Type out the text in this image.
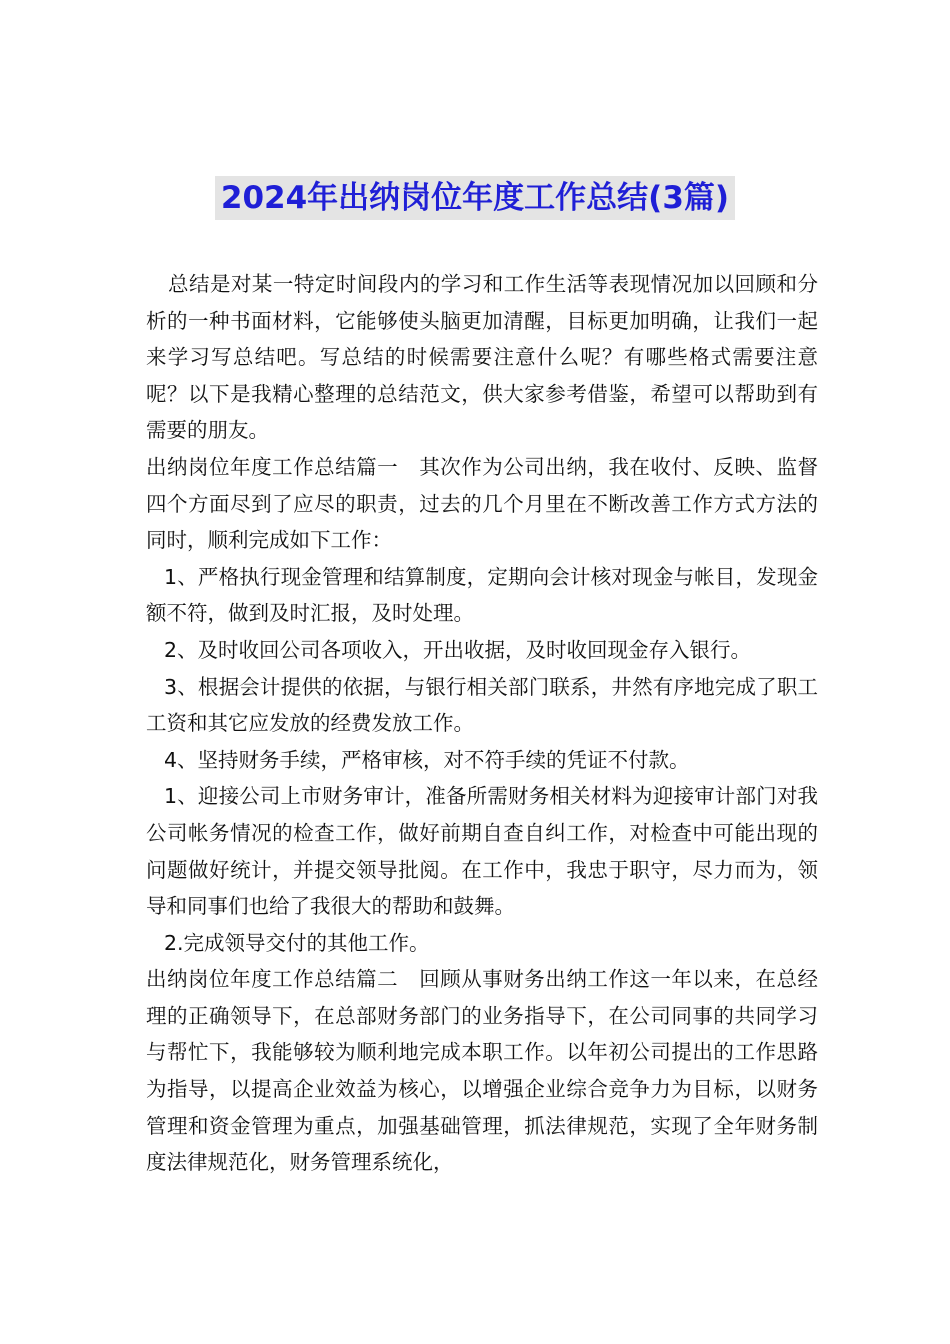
2024年出纳岗位年度工作总结(3篇)

总结是对某一特定时间段内的学习和工作生活等表现情况加以回顾和分析的一种书面材料，它能够使头脑更加清醒，目标更加明确，让我们一起来学习写总结吧。写总结的时候需要注意什么呢？有哪些格式需要注意呢？以下是我精心整理的总结范文，供大家参考借鉴，希望可以帮助到有需要的朋友。

出纳岗位年度工作总结篇一　其次作为公司出纳，我在收付、反映、监督四个方面尽到了应尽的职责，过去的几个月里在不断改善工作方式方法的同时，顺利完成如下工作：

1、严格执行现金管理和结算制度，定期向会计核对现金与帐目，发现金额不符，做到及时汇报，及时处理。

2、及时收回公司各项收入，开出收据，及时收回现金存入银行。

3、根据会计提供的依据，与银行相关部门联系，井然有序地完成了职工工资和其它应发放的经费发放工作。

4、坚持财务手续，严格审核，对不符手续的凭证不付款。

1、迎接公司上市财务审计，准备所需财务相关材料为迎接审计部门对我公司帐务情况的检查工作，做好前期自查自纠工作，对检查中可能出现的问题做好统计，并提交领导批阅。在工作中，我忠于职守，尽力而为，领导和同事们也给了我很大的帮助和鼓舞。

2.完成领导交付的其他工作。

出纳岗位年度工作总结篇二　回顾从事财务出纳工作这一年以来，在总经理的正确领导下，在总部财务部门的业务指导下，在公司同事的共同学习与帮忙下，我能够较为顺利地完成本职工作。以年初公司提出的工作思路为指导，以提高企业效益为核心，以增强企业综合竞争力为目标，以财务管理和资金管理为重点，加强基础管理，抓法律规范，实现了全年财务制度法律规范化，财务管理系统化，
